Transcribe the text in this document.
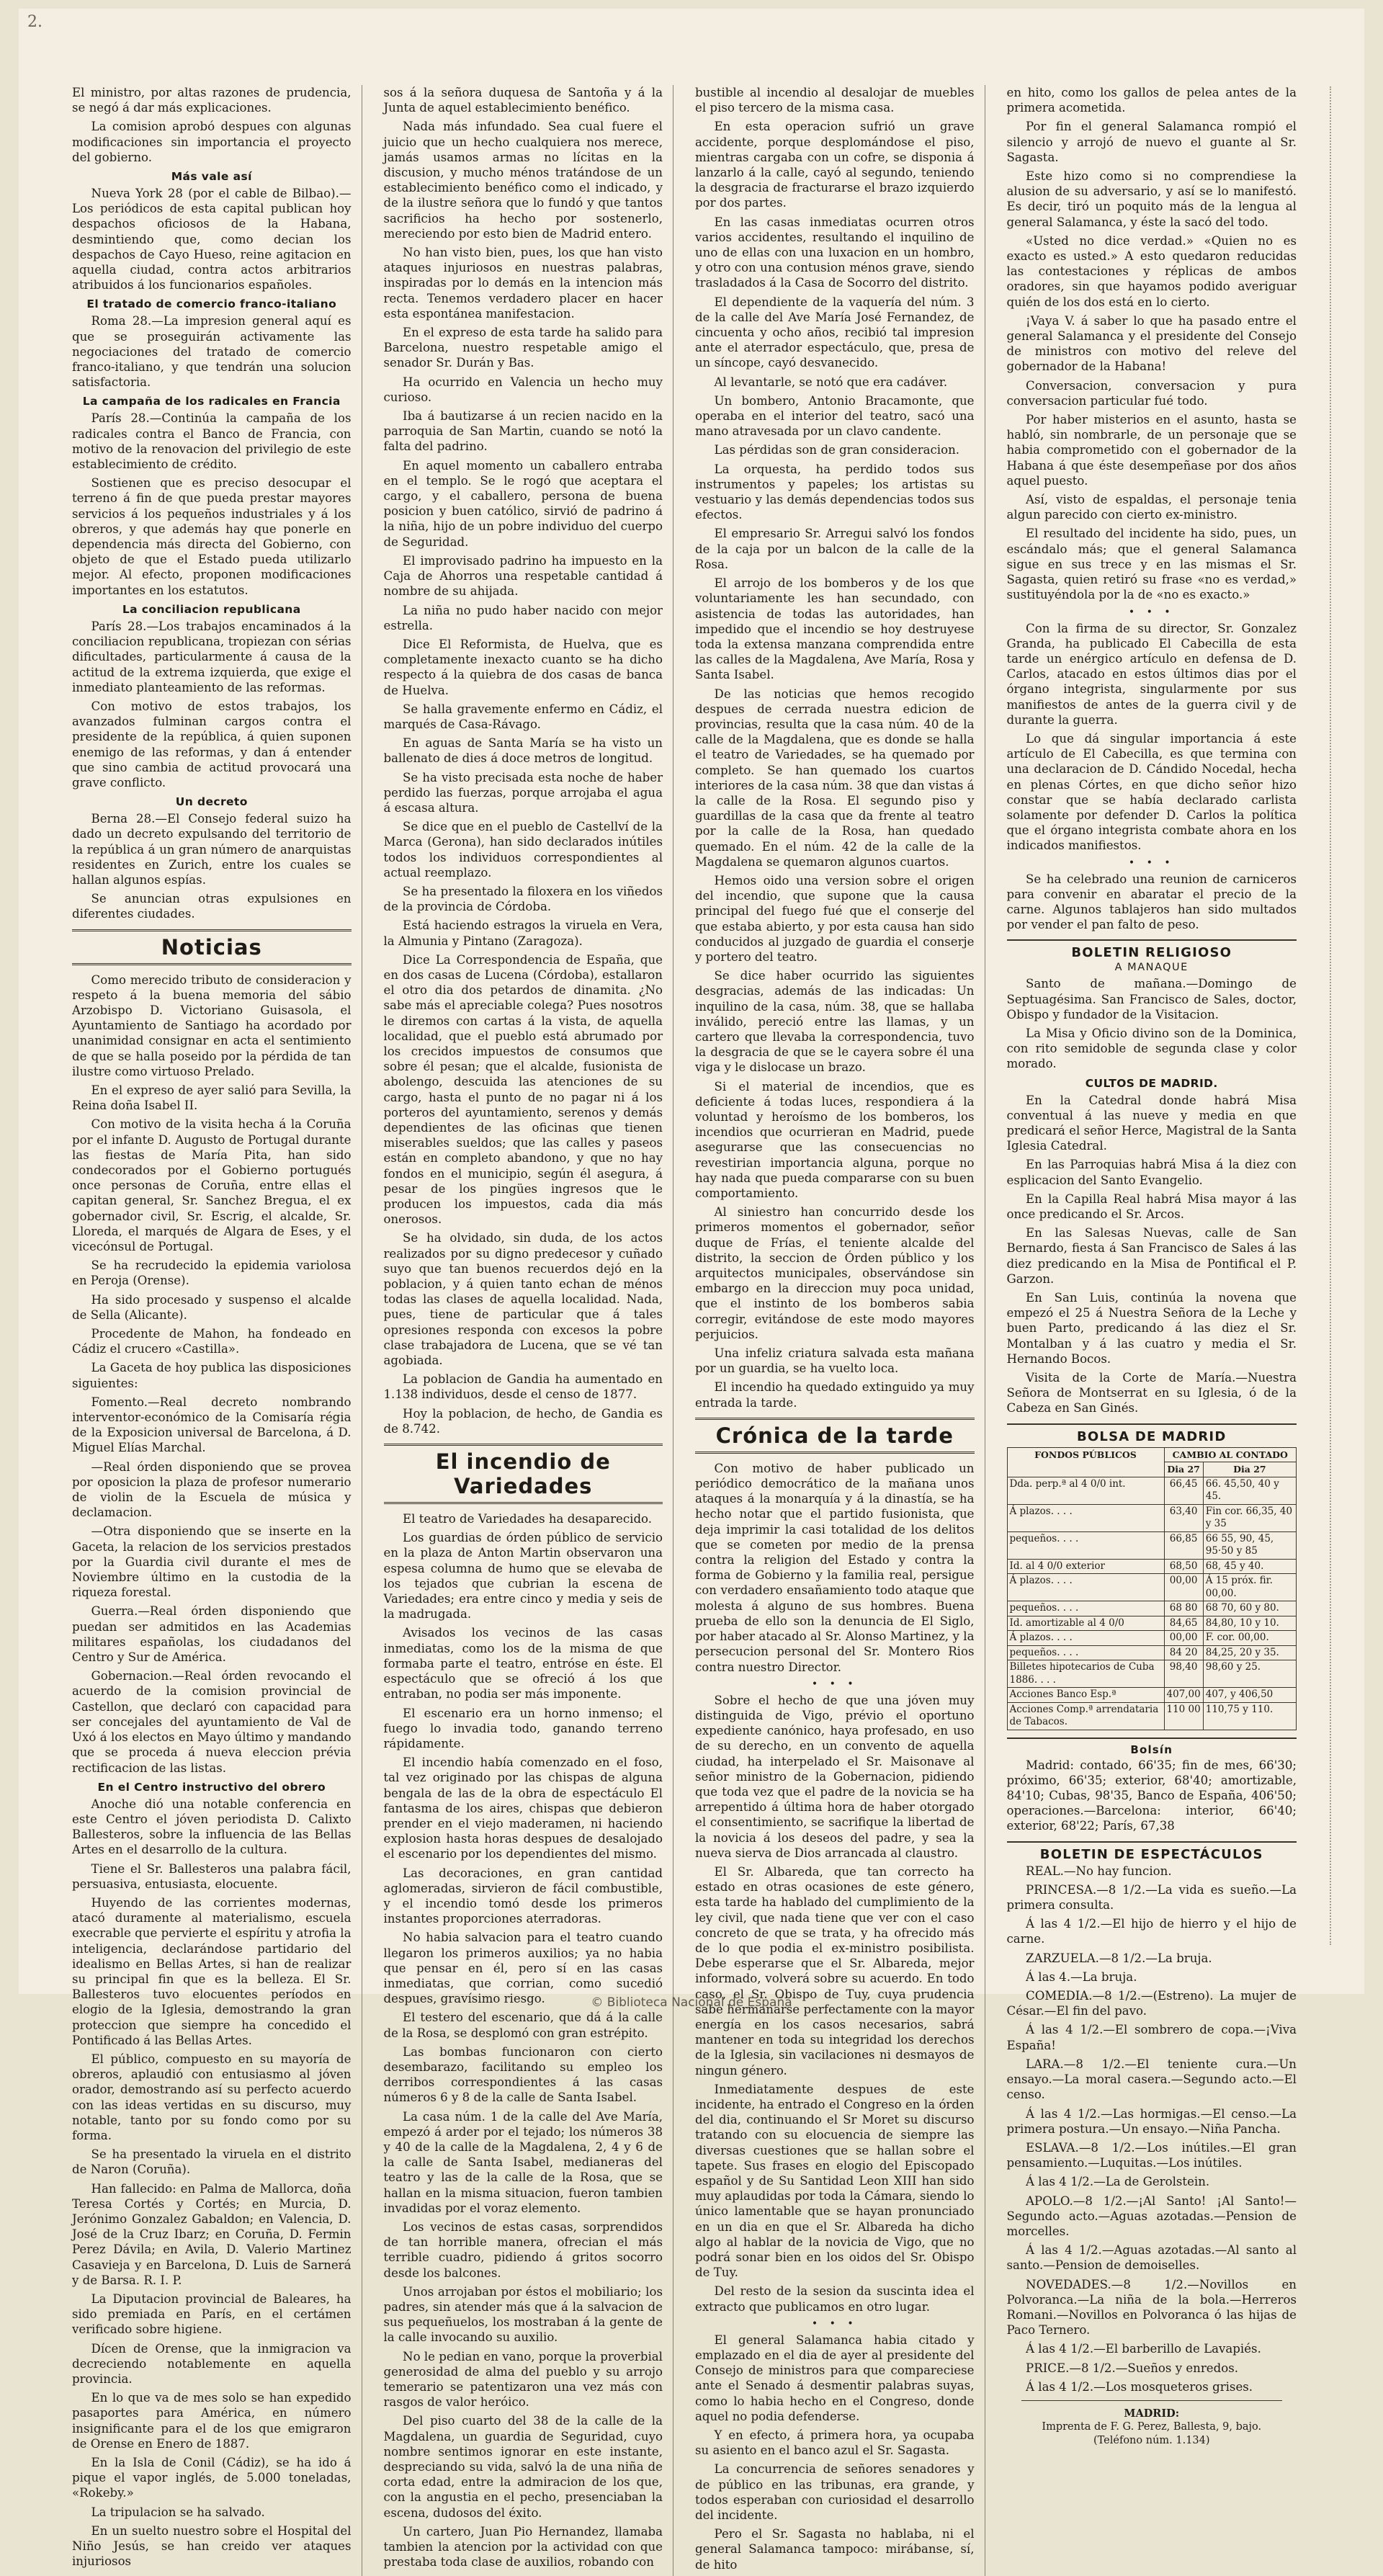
2.

El ministro, por altas razones de prudencia, se negó á dar más explicaciones.

La comision aprobó despues con algunas modificaciones sin importancia el proyecto del gobierno.

Más vale así

Nueva York 28 (por el cable de Bilbao).—Los periódicos de esta capital publican hoy despachos oficiosos de la Habana, desmintiendo que, como decian los despachos de Cayo Hueso, reine agitacion en aquella ciudad, contra actos arbitrarios atribuidos á los funcionarios españoles.

El tratado de comercio franco-italiano

Roma 28.—La impresion general aquí es que se proseguirán activamente las negociaciones del tratado de comercio franco-italiano, y que tendrán una solucion satisfactoria.

La campaña de los radicales en Francia

París 28.—Continúa la campaña de los radicales contra el Banco de Francia, con motivo de la renovacion del privilegio de este establecimiento de crédito.

Sostienen que es preciso desocupar el terreno á fin de que pueda prestar mayores servicios á los pequeños industriales y á los obreros, y que además hay que ponerle en dependencia más directa del Gobierno, con objeto de que el Estado pueda utilizarlo mejor. Al efecto, proponen modificaciones importantes en los estatutos.

La conciliacion republicana

París 28.—Los trabajos encaminados á la conciliacion republicana, tropiezan con sérias dificultades, particularmente á causa de la actitud de la extrema izquierda, que exige el inmediato planteamiento de las reformas.

Con motivo de estos trabajos, los avanzados fulminan cargos contra el presidente de la república, á quien suponen enemigo de las reformas, y dan á entender que sino cambia de actitud provocará una grave conflicto.

Un decreto

Berna 28.—El Consejo federal suizo ha dado un decreto expulsando del territorio de la república á un gran número de anarquistas residentes en Zurich, entre los cuales se hallan algunos espías.

Se anuncian otras expulsiones en diferentes ciudades.

Noticias

Como merecido tributo de consideracion y respeto á la buena memoria del sábio Arzobispo D. Victoriano Guisasola, el Ayuntamiento de Santiago ha acordado por unanimidad consignar en acta el sentimiento de que se halla poseido por la pérdida de tan ilustre como virtuoso Prelado.

En el expreso de ayer salió para Sevilla, la Reina doña Isabel II.

Con motivo de la visita hecha á la Coruña por el infante D. Augusto de Portugal durante las fiestas de María Pita, han sido condecorados por el Gobierno portugués once personas de Coruña, entre ellas el capitan general, Sr. Sanchez Bregua, el ex gobernador civil, Sr. Escrig, el alcalde, Sr. Lloreda, el marqués de Algara de Eses, y el vicecónsul de Portugal.

Se ha recrudecido la epidemia variolosa en Peroja (Orense).

Ha sido procesado y suspenso el alcalde de Sella (Alicante).

Procedente de Mahon, ha fondeado en Cádiz el crucero «Castilla».

La Gaceta de hoy publica las disposiciones siguientes:

Fomento.—Real decreto nombrando interventor-económico de la Comisaría régia de la Exposicion universal de Barcelona, á D. Miguel Elías Marchal.

—Real órden disponiendo que se provea por oposicion la plaza de profesor numerario de violin de la Escuela de música y declamacion.

—Otra disponiendo que se inserte en la Gaceta, la relacion de los servicios prestados por la Guardia civil durante el mes de Noviembre último en la custodia de la riqueza forestal.

Guerra.—Real órden disponiendo que puedan ser admitidos en las Academias militares españolas, los ciudadanos del Centro y Sur de América.

Gobernacion.—Real órden revocando el acuerdo de la comision provincial de Castellon, que declaró con capacidad para ser concejales del ayuntamiento de Val de Uxó á los electos en Mayo último y mandando que se proceda á nueva eleccion prévia rectificacion de las listas.

En el Centro instructivo del obrero

Anoche dió una notable conferencia en este Centro el jóven periodista D. Calixto Ballesteros, sobre la influencia de las Bellas Artes en el desarrollo de la cultura.

Tiene el Sr. Ballesteros una palabra fácil, persuasiva, entusiasta, elocuente.

Huyendo de las corrientes modernas, atacó duramente al materialismo, escuela execrable que pervierte el espíritu y atrofia la inteligencia, declarándose partidario del idealismo en Bellas Artes, si han de realizar su principal fin que es la belleza. El Sr. Ballesteros tuvo elocuentes períodos en elogio de la Iglesia, demostrando la gran proteccion que siempre ha concedido el Pontificado á las Bellas Artes.

El público, compuesto en su mayoría de obreros, aplaudió con entusiasmo al jóven orador, demostrando así su perfecto acuerdo con las ideas vertidas en su discurso, muy notable, tanto por su fondo como por su forma.

Se ha presentado la viruela en el distrito de Naron (Coruña).

Han fallecido: en Palma de Mallorca, doña Teresa Cortés y Cortés; en Murcia, D. Jerónimo Gonzalez Gabaldon; en Valencia, D. José de la Cruz Ibarz; en Coruña, D. Fermin Perez Dávila; en Avila, D. Valerio Martinez Casavieja y en Barcelona, D. Luis de Sarnerá y de Barsa. R. I. P.

La Diputacion provincial de Baleares, ha sido premiada en París, en el certámen verificado sobre higiene.

Dícen de Orense, que la inmigracion va decreciendo notablemente en aquella provincia.

En lo que va de mes solo se han expedido pasaportes para América, en número insignificante para el de los que emigraron de Orense en Enero de 1887.

En la Isla de Conil (Cádiz), se ha ido á pique el vapor inglés, de 5.000 toneladas, «Rokeby.»

La tripulacion se ha salvado.

En un suelto nuestro sobre el Hospital del Niño Jesús, se han creido ver ataques injuriosos

sos á la señora duquesa de Santoña y á la Junta de aquel establecimiento benéfico.

Nada más infundado. Sea cual fuere el juicio que un hecho cualquiera nos merece, jamás usamos armas no lícitas en la discusion, y mucho ménos tratándose de un establecimiento benéfico como el indicado, y de la ilustre señora que lo fundó y que tantos sacrificios ha hecho por sostenerlo, mereciendo por esto bien de Madrid entero.

No han visto bien, pues, los que han visto ataques injuriosos en nuestras palabras, inspiradas por lo demás en la intencion más recta. Tenemos verdadero placer en hacer esta espontánea manifestacion.

En el expreso de esta tarde ha salido para Barcelona, nuestro respetable amigo el senador Sr. Durán y Bas.

Ha ocurrido en Valencia un hecho muy curioso.

Iba á bautizarse á un recien nacido en la parroquia de San Martin, cuando se notó la falta del padrino.

En aquel momento un caballero entraba en el templo. Se le rogó que aceptara el cargo, y el caballero, persona de buena posicion y buen católico, sirvió de padrino á la niña, hijo de un pobre individuo del cuerpo de Seguridad.

El improvisado padrino ha impuesto en la Caja de Ahorros una respetable cantidad á nombre de su ahijada.

La niña no pudo haber nacido con mejor estrella.

Dice El Reformista, de Huelva, que es completamente inexacto cuanto se ha dicho respecto á la quiebra de dos casas de banca de Huelva.

Se halla gravemente enfermo en Cádiz, el marqués de Casa-Rávago.

En aguas de Santa María se ha visto un ballenato de dies á doce metros de longitud.

Se ha visto precisada esta noche de haber perdido las fuerzas, porque arrojaba el agua á escasa altura.

Se dice que en el pueblo de Castellví de la Marca (Gerona), han sido declarados inútiles todos los individuos correspondientes al actual reemplazo.

Se ha presentado la filoxera en los viñedos de la provincia de Córdoba.

Está haciendo estragos la viruela en Vera, la Almunia y Pintano (Zaragoza).

Dice La Correspondencia de España, que en dos casas de Lucena (Córdoba), estallaron el otro dia dos petardos de dinamita. ¿No sabe más el apreciable colega? Pues nosotros le diremos con cartas á la vista, de aquella localidad, que el pueblo está abrumado por los crecidos impuestos de consumos que sobre él pesan; que el alcalde, fusionista de abolengo, descuida las atenciones de su cargo, hasta el punto de no pagar ni á los porteros del ayuntamiento, serenos y demás dependientes de las oficinas que tienen miserables sueldos; que las calles y paseos están en completo abandono, y que no hay fondos en el municipio, según él asegura, á pesar de los pingües ingresos que le producen los impuestos, cada dia más onerosos.

Se ha olvidado, sin duda, de los actos realizados por su digno predecesor y cuñado suyo que tan buenos recuerdos dejó en la poblacion, y á quien tanto echan de ménos todas las clases de aquella localidad. Nada, pues, tiene de particular que á tales opresiones responda con excesos la pobre clase trabajadora de Lucena, que se vé tan agobiada.

La poblacion de Gandia ha aumentado en 1.138 individuos, desde el censo de 1877.

Hoy la poblacion, de hecho, de Gandia es de 8.742.

El incendio de Variedades

El teatro de Variedades ha desaparecido.

Los guardias de órden público de servicio en la plaza de Anton Martin observaron una espesa columna de humo que se elevaba de los tejados que cubrian la escena de Variedades; era entre cinco y media y seis de la madrugada.

Avisados los vecinos de las casas inmediatas, como los de la misma de que formaba parte el teatro, entróse en éste. El espectáculo que se ofreció á los que entraban, no podia ser más imponente.

El escenario era un horno inmenso; el fuego lo invadia todo, ganando terreno rápidamente.

El incendio había comenzado en el foso, tal vez originado por las chispas de alguna bengala de las de la obra de espectáculo El fantasma de los aires, chispas que debieron prender en el viejo maderamen, ni haciendo explosion hasta horas despues de desalojado el escenario por los dependientes del mismo.

Las decoraciones, en gran cantidad aglomeradas, sirvieron de fácil combustible, y el incendio tomó desde los primeros instantes proporciones aterradoras.

No habia salvacion para el teatro cuando llegaron los primeros auxilios; ya no habia que pensar en él, pero sí en las casas inmediatas, que corrian, como sucedió despues, gravísimo riesgo.

El testero del escenario, que dá á la calle de la Rosa, se desplomó con gran estrépito.

Las bombas funcionaron con cierto desembarazo, facilitando su empleo los derribos correspondientes á las casas números 6 y 8 de la calle de Santa Isabel.

La casa núm. 1 de la calle del Ave María, empezó á arder por el tejado; los números 38 y 40 de la calle de la Magdalena, 2, 4 y 6 de la calle de Santa Isabel, medianeras del teatro y las de la calle de la Rosa, que se hallan en la misma situacion, fueron tambien invadidas por el voraz elemento.

Los vecinos de estas casas, sorprendidos de tan horrible manera, ofrecian el más terrible cuadro, pidiendo á gritos socorro desde los balcones.

Unos arrojaban por éstos el mobiliario; los padres, sin atender más que á la salvacion de sus pequeñuelos, los mostraban á la gente de la calle invocando su auxilio.

No le pedian en vano, porque la proverbial generosidad de alma del pueblo y su arrojo temerario se patentizaron una vez más con rasgos de valor heróico.

Del piso cuarto del 38 de la calle de la Magdalena, un guardia de Seguridad, cuyo nombre sentimos ignorar en este instante, despreciando su vida, salvó la de una niña de corta edad, entre la admiracion de los que, con la angustia en el pecho, presenciaban la escena, dudosos del éxito.

Un cartero, Juan Pio Hernandez, llamaba tambien la atencion por la actividad con que prestaba toda clase de auxilios, robando con

bustible al incendio al desalojar de muebles el piso tercero de la misma casa.

En esta operacion sufrió un grave accidente, porque desplomándose el piso, mientras cargaba con un cofre, se disponia á lanzarlo á la calle, cayó al segundo, teniendo la desgracia de fracturarse el brazo izquierdo por dos partes.

En las casas inmediatas ocurren otros varios accidentes, resultando el inquilino de uno de ellas con una luxacion en un hombro, y otro con una contusion ménos grave, siendo trasladados á la Casa de Socorro del distrito.

El dependiente de la vaquería del núm. 3 de la calle del Ave María José Fernandez, de cincuenta y ocho años, recibió tal impresion ante el aterrador espectáculo, que, presa de un síncope, cayó desvanecido.

Al levantarle, se notó que era cadáver.

Un bombero, Antonio Bracamonte, que operaba en el interior del teatro, sacó una mano atravesada por un clavo candente.

Las pérdidas son de gran consideracion.

La orquesta, ha perdido todos sus instrumentos y papeles; los artistas su vestuario y las demás dependencias todos sus efectos.

El empresario Sr. Arregui salvó los fondos de la caja por un balcon de la calle de la Rosa.

El arrojo de los bomberos y de los que voluntariamente les han secundado, con asistencia de todas las autoridades, han impedido que el incendio se hoy destruyese toda la extensa manzana comprendida entre las calles de la Magdalena, Ave María, Rosa y Santa Isabel.

De las noticias que hemos recogido despues de cerrada nuestra edicion de provincias, resulta que la casa núm. 40 de la calle de la Magdalena, que es donde se halla el teatro de Variedades, se ha quemado por completo. Se han quemado los cuartos interiores de la casa núm. 38 que dan vistas á la calle de la Rosa. El segundo piso y guardillas de la casa que da frente al teatro por la calle de la Rosa, han quedado quemado. En el núm. 42 de la calle de la Magdalena se quemaron algunos cuartos.

Hemos oido una version sobre el origen del incendio, que supone que la causa principal del fuego fué que el conserje del que estaba abierto, y por esta causa han sido conducidos al juzgado de guardia el conserje y portero del teatro.

Se dice haber ocurrido las siguientes desgracias, además de las indicadas: Un inquilino de la casa, núm. 38, que se hallaba inválido, pereció entre las llamas, y un cartero que llevaba la correspondencia, tuvo la desgracia de que se le cayera sobre él una viga y le dislocase un brazo.

Si el material de incendios, que es deficiente á todas luces, respondiera á la voluntad y heroísmo de los bomberos, los incendios que ocurrieran en Madrid, puede asegurarse que las consecuencias no revestirian importancia alguna, porque no hay nada que pueda compararse con su buen comportamiento.

Al siniestro han concurrido desde los primeros momentos el gobernador, señor duque de Frías, el teniente alcalde del distrito, la seccion de Órden público y los arquitectos municipales, observándose sin embargo en la direccion muy poca unidad, que el instinto de los bomberos sabia corregir, evitándose de este modo mayores perjuicios.

Una infeliz criatura salvada esta mañana por un guardia, se ha vuelto loca.

El incendio ha quedado extinguido ya muy entrada la tarde.

Crónica de la tarde

Con motivo de haber publicado un periódico democrático de la mañana unos ataques á la monarquía y á la dinastía, se ha hecho notar que el partido fusionista, que deja imprimir la casi totalidad de los delitos que se cometen por medio de la prensa contra la religion del Estado y contra la forma de Gobierno y la familia real, persigue con verdadero ensañamiento todo ataque que molesta á alguno de sus hombres. Buena prueba de ello son la denuncia de El Siglo, por haber atacado al Sr. Alonso Martinez, y la persecucion personal del Sr. Montero Rios contra nuestro Director.

• • •

Sobre el hecho de que una jóven muy distinguida de Vigo, prévio el oportuno expediente canónico, haya profesado, en uso de su derecho, en un convento de aquella ciudad, ha interpelado el Sr. Maisonave al señor ministro de la Gobernacion, pidiendo que toda vez que el padre de la novicia se ha arrepentido á última hora de haber otorgado el consentimiento, se sacrifique la libertad de la novicia á los deseos del padre, y sea la nueva sierva de Dios arrancada al claustro.

El Sr. Albareda, que tan correcto ha estado en otras ocasiones de este género, esta tarde ha hablado del cumplimiento de la ley civil, que nada tiene que ver con el caso concreto de que se trata, y ha ofrecido más de lo que podia el ex-ministro posibilista. Debe esperarse que el Sr. Albareda, mejor informado, volverá sobre su acuerdo. En todo caso, el Sr. Obispo de Tuy, cuya prudencia sabe hermanarse perfectamente con la mayor energía en los casos necesarios, sabrá mantener en toda su integridad los derechos de la Iglesia, sin vacilaciones ni desmayos de ningun género.

Inmediatamente despues de este incidente, ha entrado el Congreso en la órden del dia, continuando el Sr Moret su discurso tratando con su elocuencia de siempre las diversas cuestiones que se hallan sobre el tapete. Sus frases en elogio del Episcopado español y de Su Santidad Leon XIII han sido muy aplaudidas por toda la Cámara, siendo lo único lamentable que se hayan pronunciado en un dia en que el Sr. Albareda ha dicho algo al hablar de la novicia de Vigo, que no podrá sonar bien en los oidos del Sr. Obispo de Tuy.

Del resto de la sesion da suscinta idea el extracto que publicamos en otro lugar.

• • •

El general Salamanca habia citado y emplazado en el dia de ayer al presidente del Consejo de ministros para que compareciese ante el Senado á desmentir palabras suyas, como lo habia hecho en el Congreso, donde aquel no podia defenderse.

Y en efecto, á primera hora, ya ocupaba su asiento en el banco azul el Sr. Sagasta.

La concurrencia de señores senadores y de público en las tribunas, era grande, y todos esperaban con curiosidad el desarrollo del incidente.

Pero el Sr. Sagasta no hablaba, ni el general Salamanca tampoco: mirábanse, sí, de hito

en hito, como los gallos de pelea antes de la primera acometida.

Por fin el general Salamanca rompió el silencio y arrojó de nuevo el guante al Sr. Sagasta.

Este hizo como si no comprendiese la alusion de su adversario, y así se lo manifestó. Es decir, tiró un poquito más de la lengua al general Salamanca, y éste la sacó del todo.

«Usted no dice verdad.» «Quien no es exacto es usted.» A esto quedaron reducidas las contestaciones y réplicas de ambos oradores, sin que hayamos podido averiguar quién de los dos está en lo cierto.

¡Vaya V. á saber lo que ha pasado entre el general Salamanca y el presidente del Consejo de ministros con motivo del releve del gobernador de la Habana!

Conversacion, conversacion y pura conversacion particular fué todo.

Por haber misterios en el asunto, hasta se habló, sin nombrarle, de un personaje que se habia comprometido con el gobernador de la Habana á que éste desempeñase por dos años aquel puesto.

Así, visto de espaldas, el personaje tenia algun parecido con cierto ex-ministro.

El resultado del incidente ha sido, pues, un escándalo más; que el general Salamanca sigue en sus trece y en las mismas el Sr. Sagasta, quien retiró su frase «no es verdad,» sustituyéndola por la de «no es exacto.»

• • •

Con la firma de su director, Sr. Gonzalez Granda, ha publicado El Cabecilla de esta tarde un enérgico artículo en defensa de D. Carlos, atacado en estos últimos dias por el órgano integrista, singularmente por sus manifiestos de antes de la guerra civil y de durante la guerra.

Lo que dá singular importancia á este artículo de El Cabecilla, es que termina con una declaracion de D. Cándido Nocedal, hecha en plenas Córtes, en que dicho señor hizo constar que se había declarado carlista solamente por defender D. Carlos la política que el órgano integrista combate ahora en los indicados manifiestos.

• • •

Se ha celebrado una reunion de carniceros para convenir en abaratar el precio de la carne. Algunos tablajeros han sido multados por vender el pan falto de peso.

BOLETIN RELIGIOSO
A MANAQUE

Santo de mañana.—Domingo de Septuagésima. San Francisco de Sales, doctor, Obispo y fundador de la Visitacion.

La Misa y Oficio divino son de la Dominica, con rito semidoble de segunda clase y color morado.

CULTOS DE MADRID.

En la Catedral donde habrá Misa conventual á las nueve y media en que predicará el señor Herce, Magistral de la Santa Iglesia Catedral.

En las Parroquias habrá Misa á la diez con esplicacion del Santo Evangelio.

En la Capilla Real habrá Misa mayor á las once predicando el Sr. Arcos.

En las Salesas Nuevas, calle de San Bernardo, fiesta á San Francisco de Sales á las diez predicando en la Misa de Pontifical el P. Garzon.

En San Luis, continúa la novena que empezó el 25 á Nuestra Señora de la Leche y buen Parto, predicando á las diez el Sr. Montalban y á las cuatro y media el Sr. Hernando Bocos.

Visita de la Corte de María.—Nuestra Señora de Montserrat en su Iglesia, ó de la Cabeza en San Ginés.

BOLSA DE MADRID
FONDOS PÚBLICOS	CAMBIO AL CONTADO	
	Dia 27	Dia 27
Dda. perp.ª al 4 0/0 int.	66,45	66. 45,50, 40 y 45.
Á plazos. . . .	63,40	Fin cor. 66,35, 40 y 35
pequeños. . . .	66,85	66 55, 90, 45, 95·50 y 85
Id. al 4 0/0 exterior	68,50	68, 45 y 40.
Á plazos. . . .	00,00	Á 15 próx. fir. 00,00.
pequeños. . . .	68 80	68 70, 60 y 80.
Id. amortizable al 4 0/0	84,65	84,80, 10 y 10.
Á plazos. . . .	00,00	F. cor. 00,00.
pequeños. . . .	84 20	84,25, 20 y 35.
Billetes hipotecarios de Cuba 1886. . . .	98,40	98,60 y 25.
Acciones Banco Esp.ª	407,00	407, y 406,50
Acciones Comp.ª arrendataria de Tabacos.	110 00	110,75 y 110.
Bolsín

Madrid: contado, 66'35; fin de mes, 66'30; próximo, 66'35; exterior, 68'40; amortizable, 84'10; Cubas, 98'35, Banco de España, 406'50; operaciones.—Barcelona: interior, 66'40; exterior, 68'22; París, 67,38

BOLETIN DE ESPECTÁCULOS

REAL.—No hay funcion.

PRINCESA.—8 1/2.—La vida es sueño.—La primera consulta.

Á las 4 1/2.—El hijo de hierro y el hijo de carne.

ZARZUELA.—8 1/2.—La bruja.

Á las 4.—La bruja.

COMEDIA.—8 1/2.—(Estreno). La mujer de César.—El fin del pavo.

Á las 4 1/2.—El sombrero de copa.—¡Viva España!

LARA.—8 1/2.—El teniente cura.—Un ensayo.—La moral casera.—Segundo acto.—El censo.

Á las 4 1/2.—Las hormigas.—El censo.—La primera postura.—Un ensayo.—Niña Pancha.

ESLAVA.—8 1/2.—Los inútiles.—El gran pensamiento.—Luquitas.—Los inútiles.

Á las 4 1/2.—La de Gerolstein.

APOLO.—8 1/2.—¡Al Santo! ¡Al Santo!—Segundo acto.—Aguas azotadas.—Pension de morcelles.

Á las 4 1/2.—Aguas azotadas.—Al santo al santo.—Pension de demoiselles.

NOVEDADES.—8 1/2.—Novillos en Polvoranca.—La niña de la bola.—Herreros Romani.—Novillos en Polvoranca ó las hijas de Paco Ternero.

Á las 4 1/2.—El barberillo de Lavapiés.

PRICE.—8 1/2.—Sueños y enredos.

Á las 4 1/2.—Los mosqueteros grises.

MADRID:
Imprenta de F. G. Perez, Ballesta, 9, bajo.
(Teléfono núm. 1.134)
© Biblioteca Nacional de España
